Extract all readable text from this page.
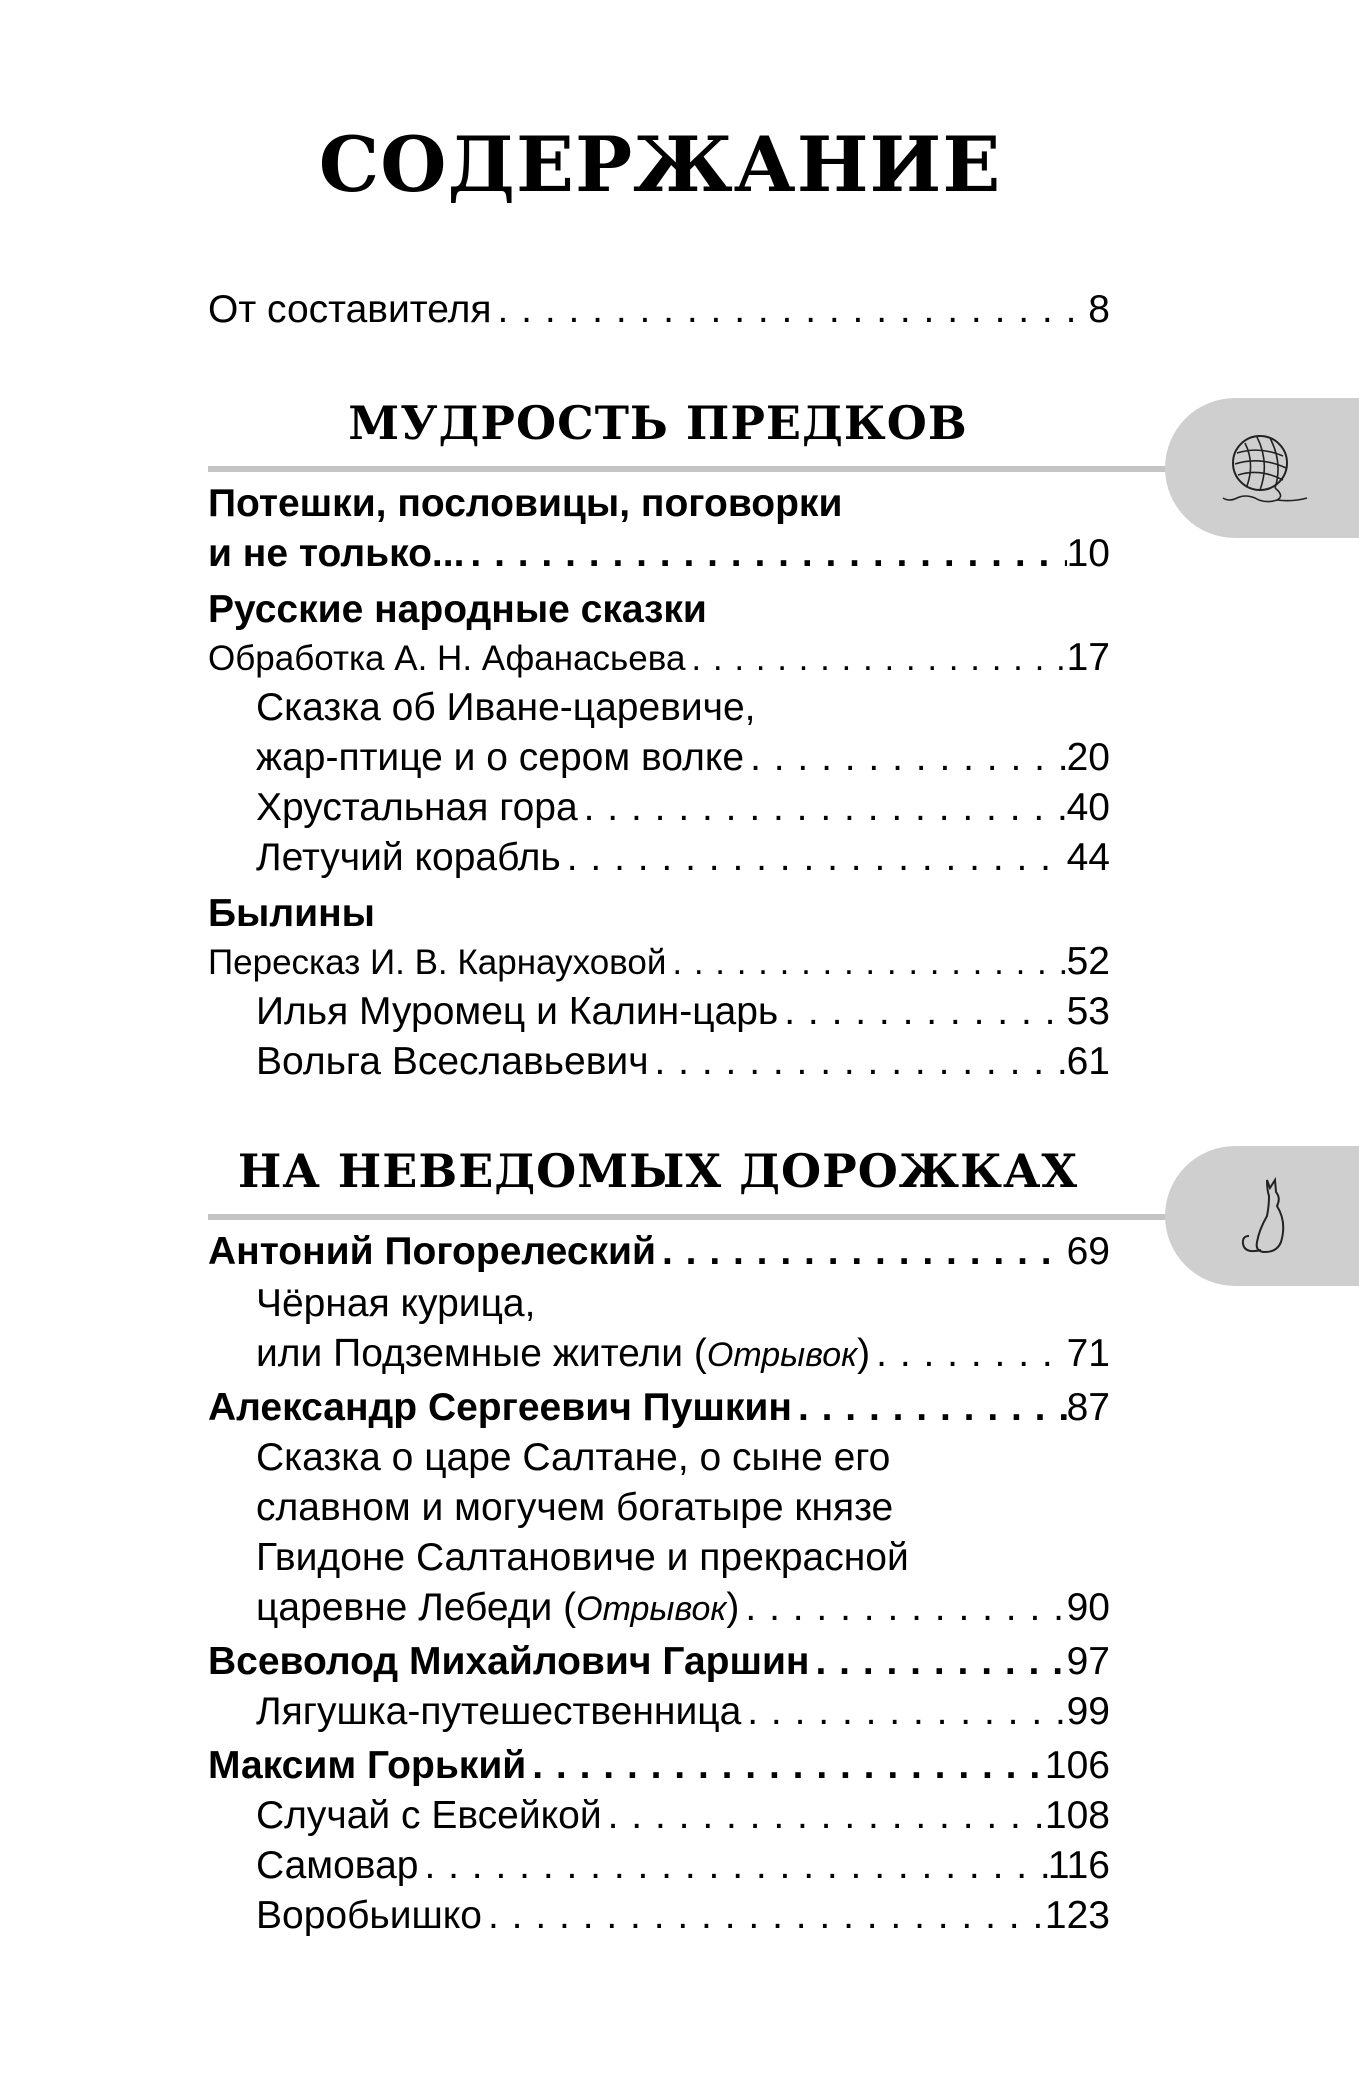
СОДЕРЖАНИЕ
От составителя . . .	8
МУДРОСТЬ ПРЕДКОВ
Потешки, пословицы, поговорки
и не только... . . .	10
Русские народные сказки
Обработка А. Н. Афанасьева . . .	17
Сказка об Иване-царевиче,
жар-птице и о сером волке . . .	20
Хрустальная гора . . .	40
Летучий корабль . . .	44
Былины
Пересказ И. В. Карнауховой . . .	52
Илья Муромец и Калин-царь . . .	53
Вольга Всеславьевич . . .	61
НА НЕВЕДОМЫХ ДОРОЖКАХ
Антоний Погорелеский . . .	69
Чёрная курица,
или Подземные жители ( Отрывок ) . . .	71
Александр Сергеевич Пушкин . . .	87
Сказка о царе Салтане, о сыне его
славном и могучем богатыре князе
Гвидоне Салтановиче и прекрасной
царевне Лебеди ( Отрывок ) . . .	90
Всеволод Михайлович Гаршин . . .	97
Лягушка-путешественница . . .	99
Максим Горький . . .	106
Случай с Евсейкой . . .	108
Самовар . . .	116
Воробьишко . . .	123
